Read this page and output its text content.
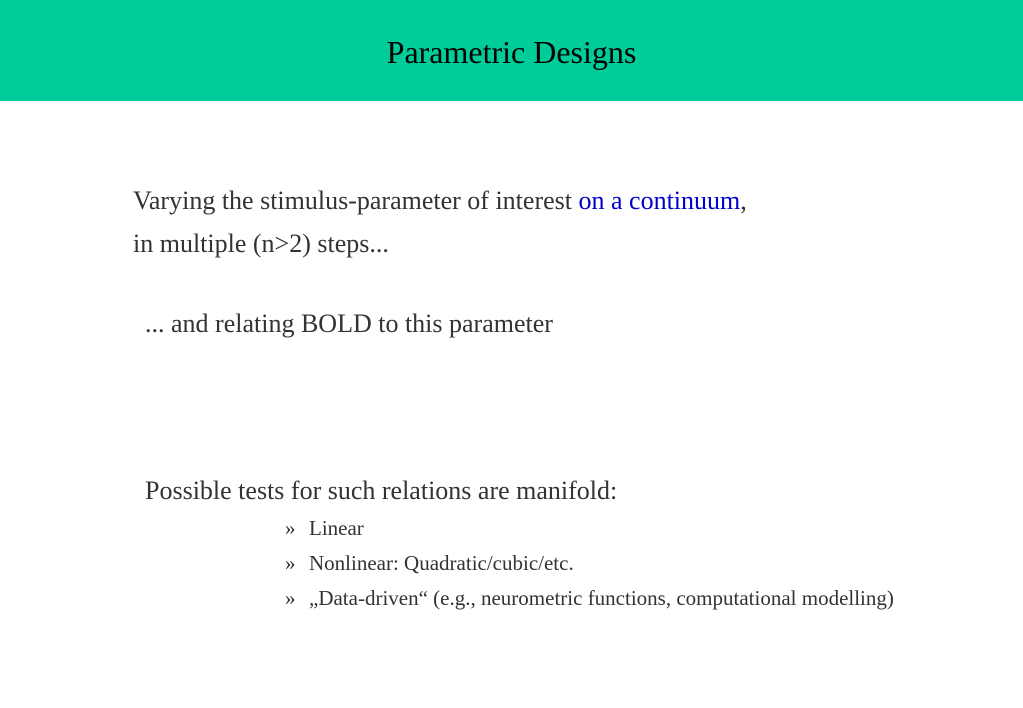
Parametric Designs
Varying the stimulus-parameter of interest on a continuum,
in multiple (n>2) steps...
... and relating BOLD to this parameter
Possible tests for such relations are manifold:
» Linear
» Nonlinear: Quadratic/cubic/etc.
» „Data-driven“ (e.g., neurometric functions, computational modelling)
